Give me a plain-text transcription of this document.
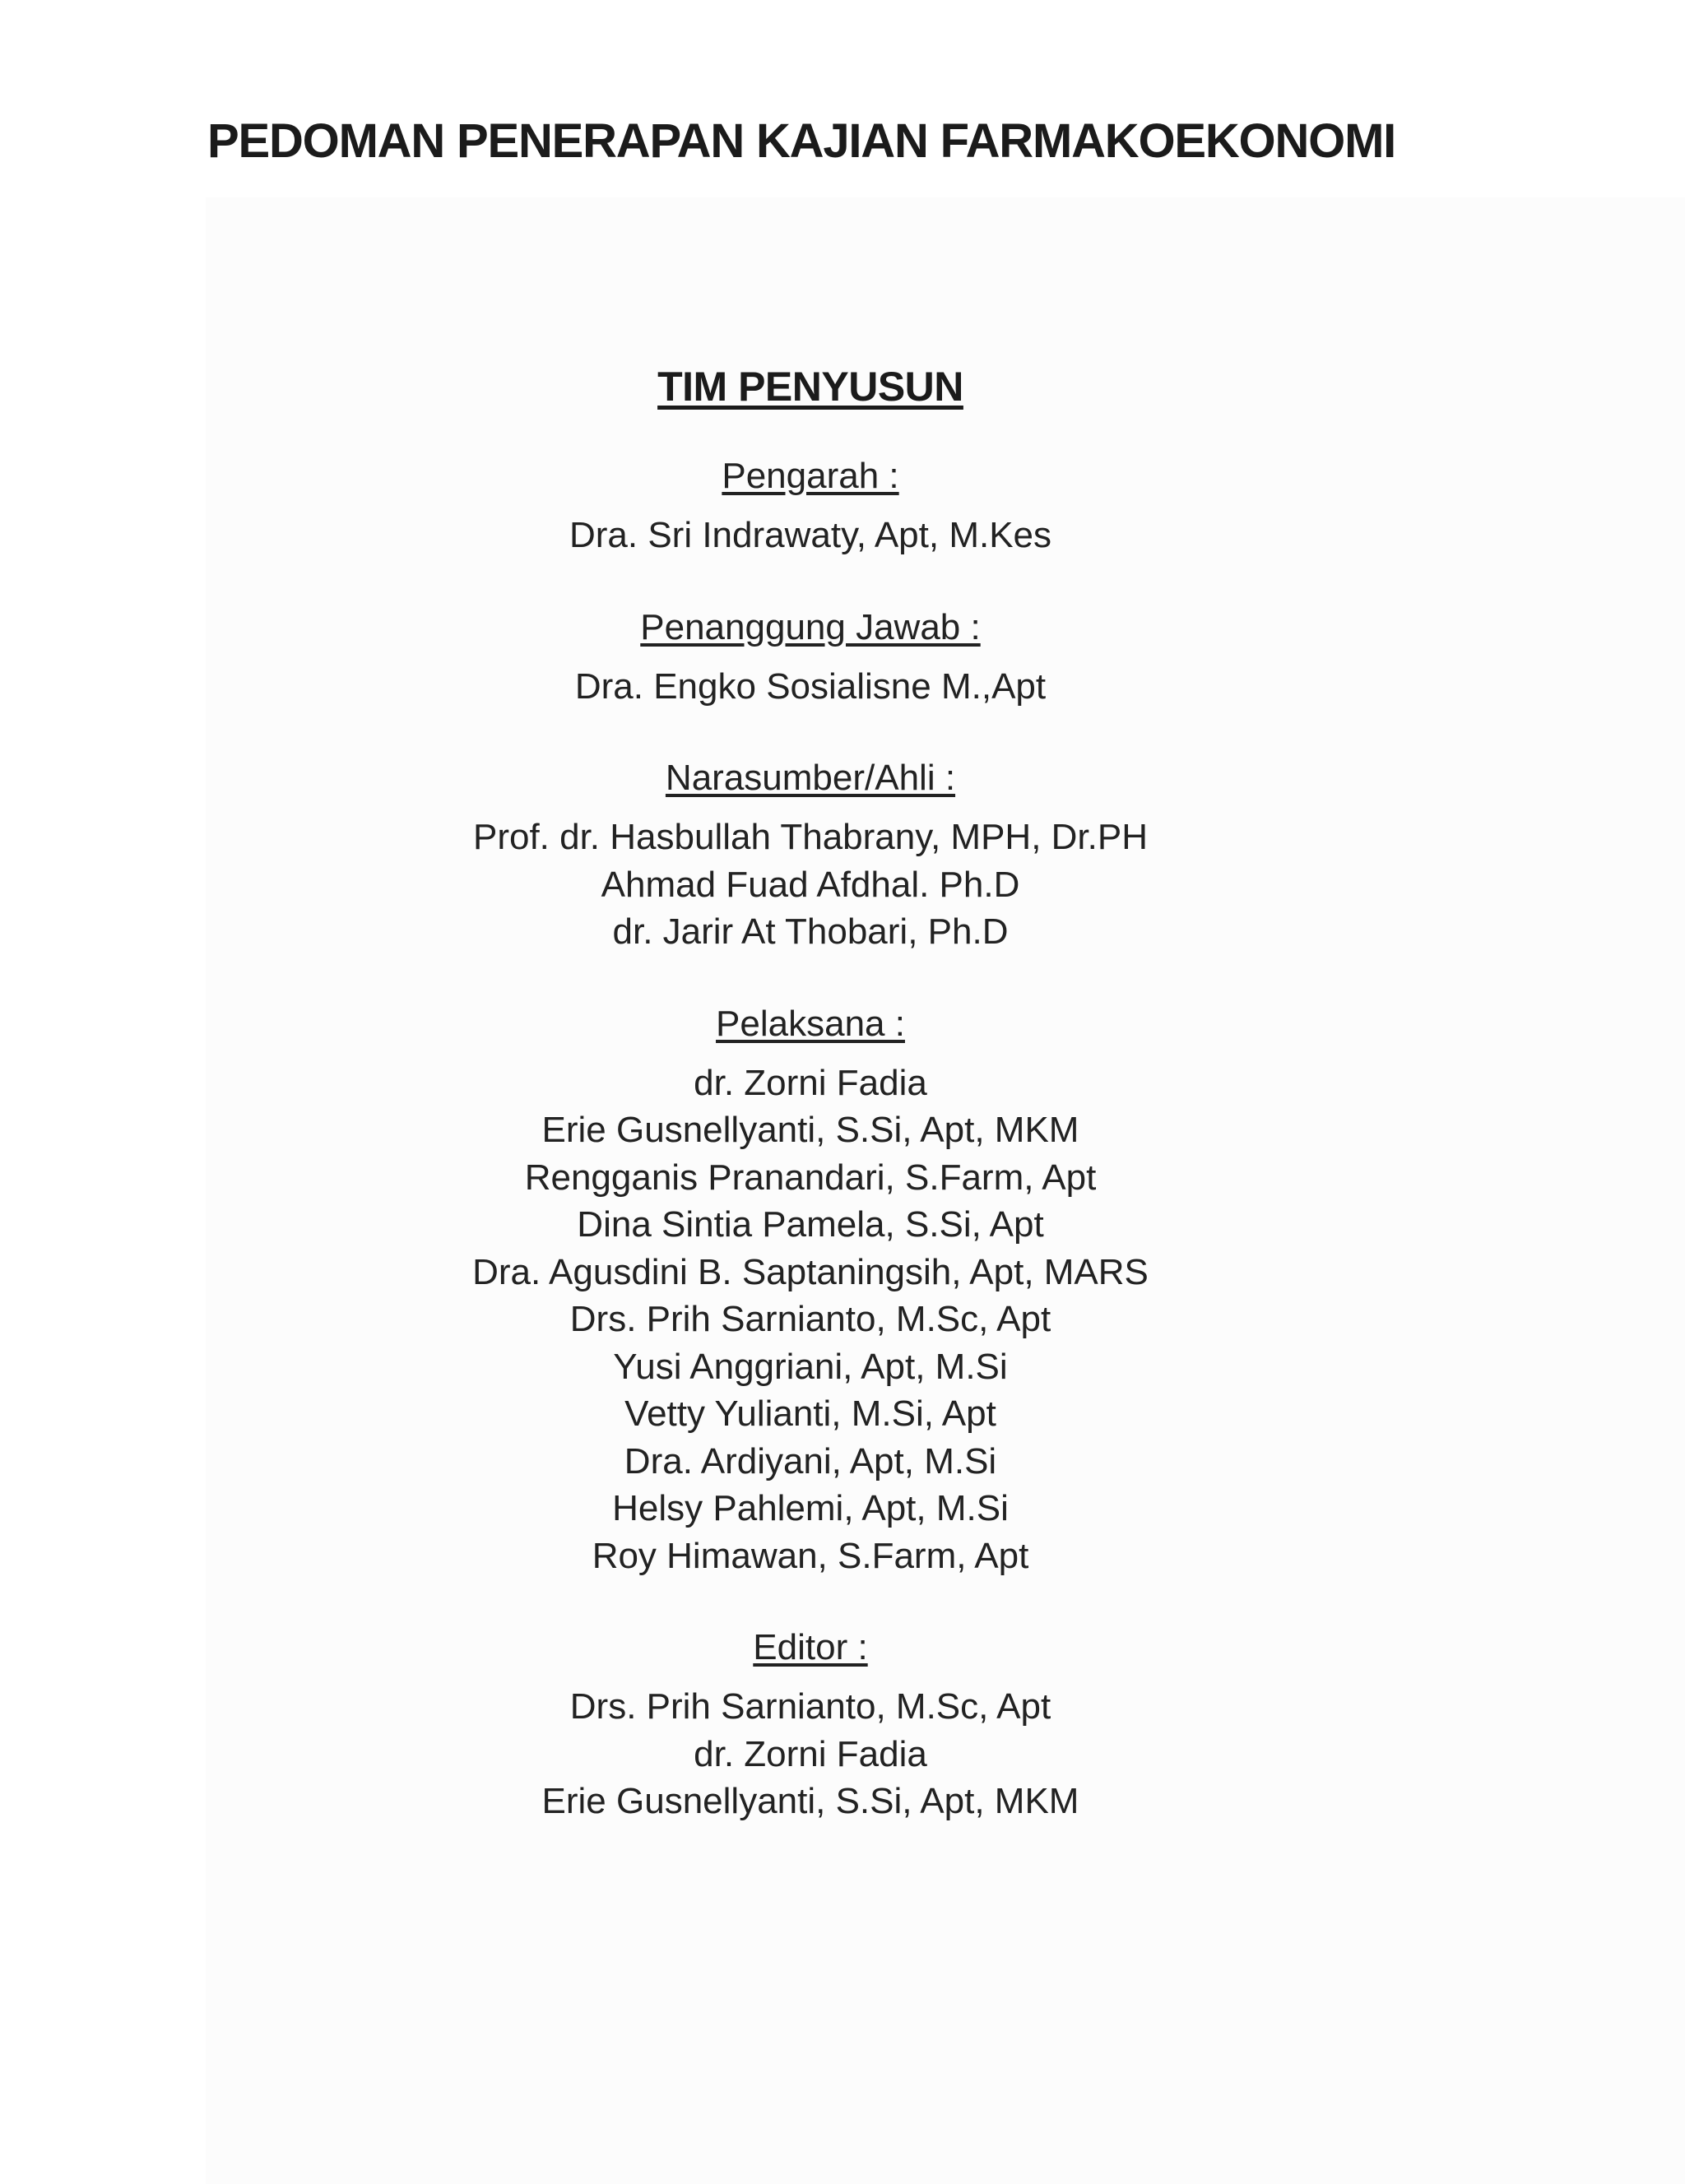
PEDOMAN PENERAPAN KAJIAN FARMAKOEKONOMI
TIM PENYUSUN
Pengarah :
Dra. Sri Indrawaty, Apt, M.Kes
Penanggung Jawab :
Dra. Engko Sosialisne M.,Apt
Narasumber/Ahli :
Prof. dr. Hasbullah Thabrany, MPH, Dr.PH
Ahmad Fuad Afdhal. Ph.D
dr. Jarir At Thobari, Ph.D
Pelaksana :
dr. Zorni Fadia
Erie Gusnellyanti, S.Si, Apt, MKM
Rengganis Pranandari, S.Farm, Apt
Dina Sintia Pamela, S.Si, Apt
Dra. Agusdini B. Saptaningsih, Apt, MARS
Drs. Prih Sarnianto, M.Sc, Apt
Yusi Anggriani, Apt, M.Si
Vetty Yulianti, M.Si, Apt
Dra. Ardiyani, Apt, M.Si
Helsy Pahlemi, Apt, M.Si
Roy Himawan, S.Farm, Apt
Editor :
Drs. Prih Sarnianto, M.Sc, Apt
dr. Zorni Fadia
Erie Gusnellyanti, S.Si, Apt, MKM
